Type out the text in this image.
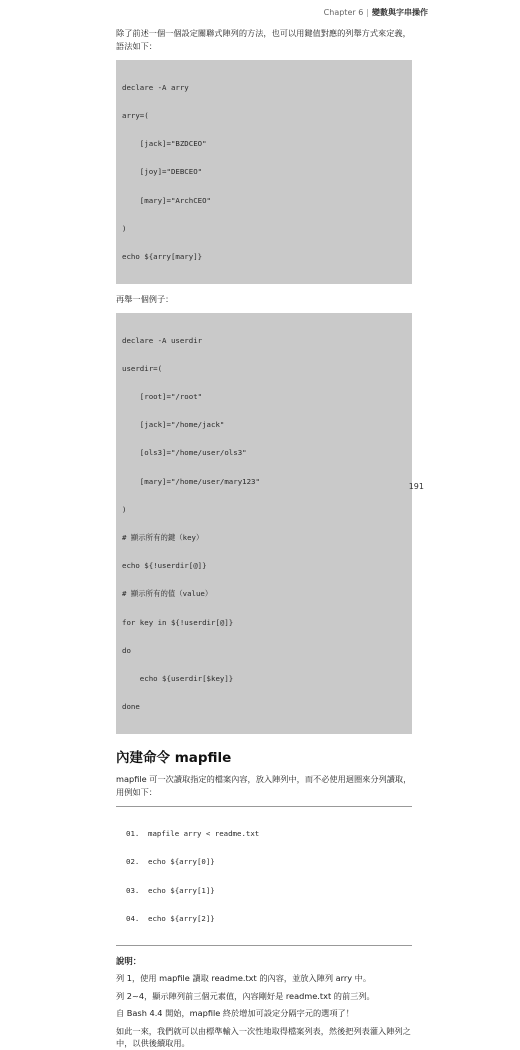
Chapter 6 | 變數與字串操作

除了前述一個一個設定關聯式陣列的方法，也可以用鍵值對應的列舉方式來定義，語法如下：

declare -A arry

arry=(

[jack]="BZDCEO"

[joy]="DEBCEO"

[mary]="ArchCEO"

)

echo ${arry[mary]}

再舉一個例子：

declare -A userdir

userdir=(

[root]="/root"

[jack]="/home/jack"

[ols3]="/home/user/ols3"

[mary]="/home/user/mary123"

)

# 顯示所有的鍵（key）

echo ${!userdir[@]}

# 顯示所有的值（value）

for key in ${!userdir[@]}

do

echo ${userdir[$key]}

done

內建命令 mapfile

mapfile 可一次讀取指定的檔案內容，放入陣列中，而不必使用迴圈來分列讀取，用例如下：

01. mapfile arry < readme.txt

02. echo ${arry[0]}

03. echo ${arry[1]}

04. echo ${arry[2]}

說明：

列 1，使用 mapfile 讀取 readme.txt 的內容，並放入陣列 arry 中。

列 2~4，顯示陣列前三個元素值，內容剛好是 readme.txt 的前三列。

自 Bash 4.4 開始，mapfile 終於增加可設定分隔字元的選項了！

如此一來，我們就可以由標準輸入一次性地取得檔案列表，然後把列表灌入陣列之中，以供後續取用。

191
